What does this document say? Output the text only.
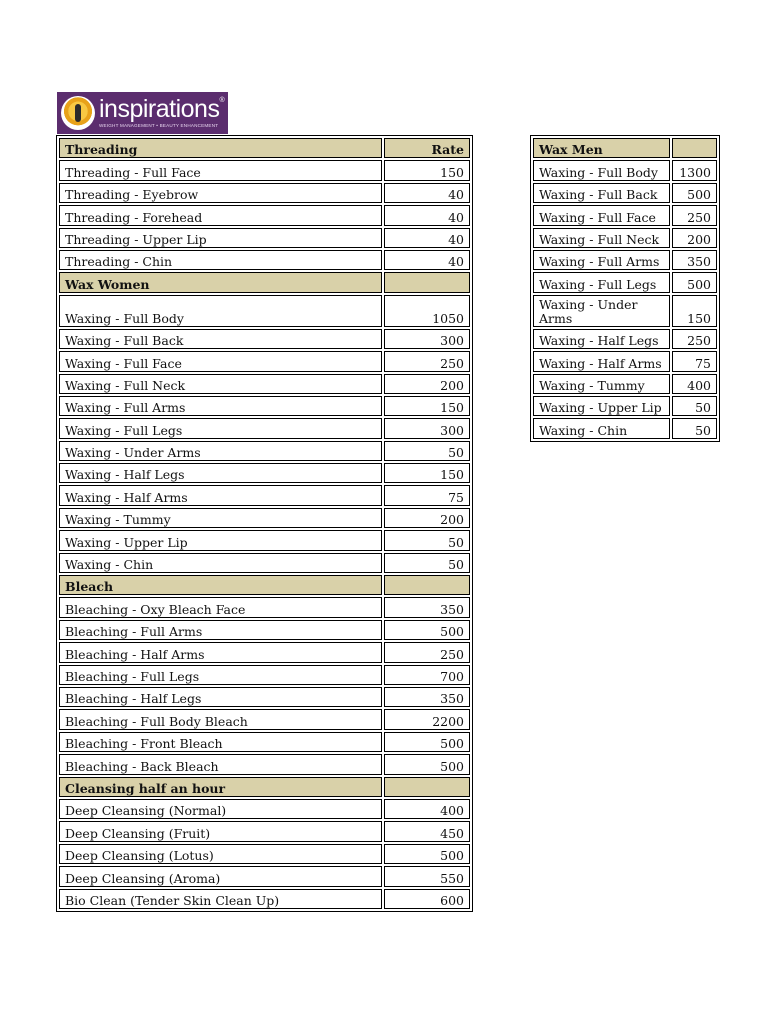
inspirations®
WEIGHT MANAGEMENT • BEAUTY ENHANCEMENT
Threading	Rate
Threading - Full Face	150
Threading - Eyebrow	40
Threading - Forehead	40
Threading - Upper Lip	40
Threading - Chin	40
Wax Women	
Waxing - Full Body	1050
Waxing - Full Back	300
Waxing - Full Face	250
Waxing - Full Neck	200
Waxing - Full Arms	150
Waxing - Full Legs	300
Waxing - Under Arms	50
Waxing - Half Legs	150
Waxing - Half Arms	75
Waxing - Tummy	200
Waxing - Upper Lip	50
Waxing - Chin	50
Bleach	
Bleaching - Oxy Bleach Face	350
Bleaching - Full Arms	500
Bleaching - Half Arms	250
Bleaching - Full Legs	700
Bleaching - Half Legs	350
Bleaching - Full Body Bleach	2200
Bleaching - Front Bleach	500
Bleaching - Back Bleach	500
Cleansing half an hour	
Deep Cleansing (Normal)	400
Deep Cleansing (Fruit)	450
Deep Cleansing (Lotus)	500
Deep Cleansing (Aroma)	550
Bio Clean (Tender Skin Clean Up)	600
Wax Men	
Waxing - Full Body	1300
Waxing - Full Back	500
Waxing - Full Face	250
Waxing - Full Neck	200
Waxing - Full Arms	350
Waxing - Full Legs	500
Waxing - Under Arms	150
Waxing - Half Legs	250
Waxing - Half Arms	75
Waxing - Tummy	400
Waxing - Upper Lip	50
Waxing - Chin	50
